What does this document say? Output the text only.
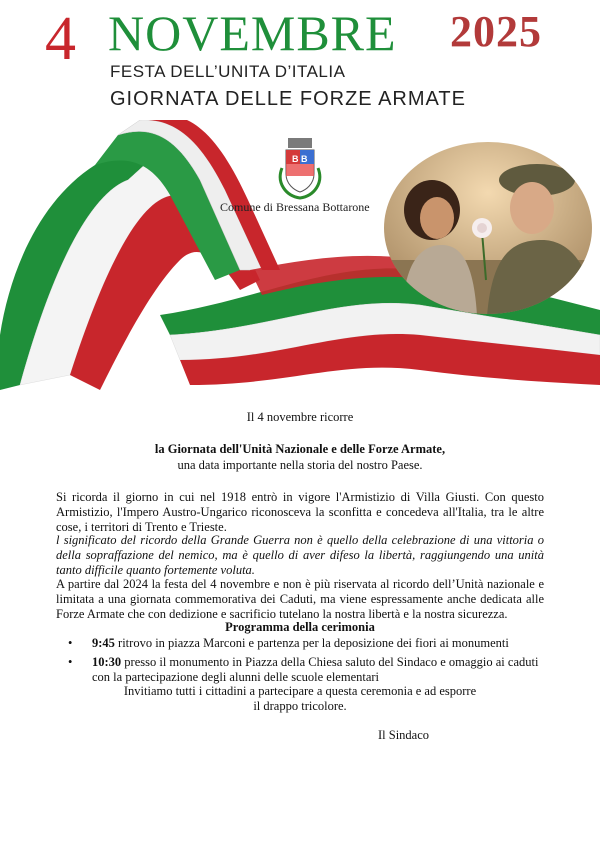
4 NOVEMBRE 2025
FESTA DELL’UNITA D’ITALIA
GIORNATA DELLE FORZE ARMATE
B B
Comune di Bressana Bottarone
Il 4 novembre ricorre
la Giornata dell'Unità Nazionale e delle Forze Armate,
una data importante nella storia del nostro Paese.
Si ricorda il giorno in cui nel 1918 entrò in vigore l'Armistizio di Villa Giusti. Con questo Armistizio, l'Impero Austro-Ungarico riconosceva la sconfitta e concedeva all'Italia, tra le altre cose, i territori di Trento e Trieste.
l significato del ricordo della Grande Guerra non è quello della celebrazione di una vittoria o della sopraffazione del nemico, ma è quello di aver difeso la libertà, raggiungendo una unità tanto difficile quanto fortemente voluta.
A partire dal 2024 la festa del 4 novembre e non è più riservata al ricordo dell’Unità nazionale e limitata a una giornata commemorativa dei Caduti, ma viene espressamente anche dedicata alle Forze Armate che con dedizione e sacrificio tutelano la nostra libertà e la nostra sicurezza.
Programma della cerimonia
• 9:45 ritrovo in piazza Marconi e partenza per la deposizione dei fiori ai monumenti
• 10:30 presso il monumento in Piazza della Chiesa saluto del Sindaco e omaggio ai caduti con la partecipazione degli alunni delle scuole elementari
Invitiamo tutti i cittadini a partecipare a questa ceremonia e ad esporre
il drappo tricolore.
Il Sindaco
